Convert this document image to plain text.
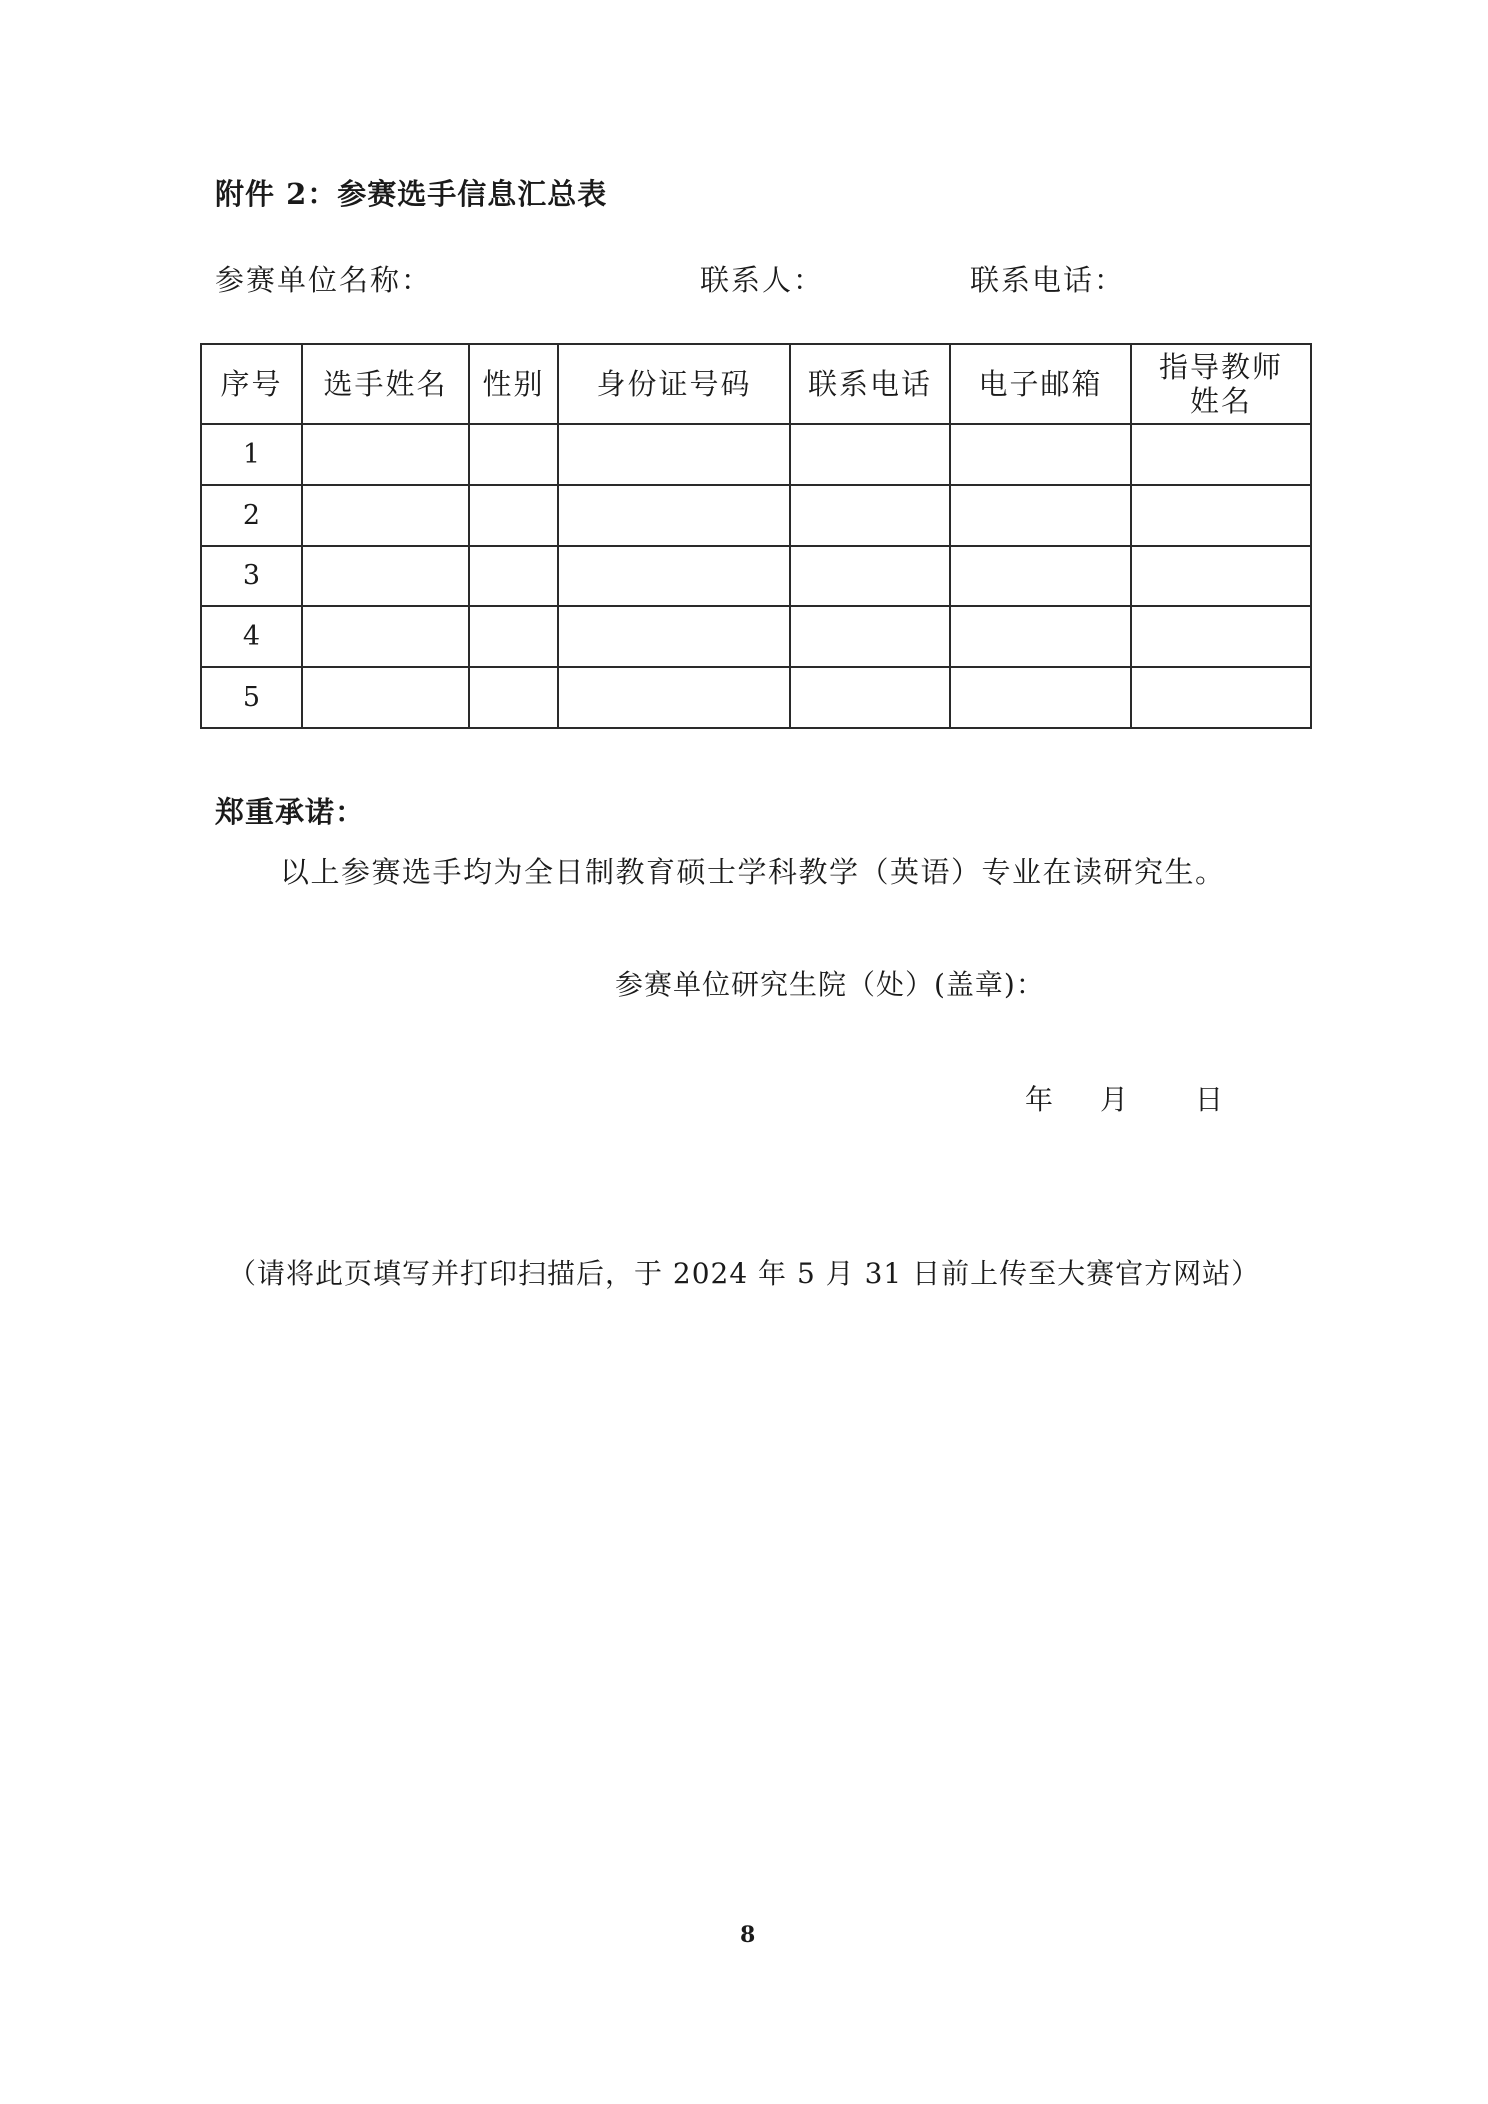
附件 2：参赛选手信息汇总表
参赛单位名称：	联系人：	联系电话：
序号	选手姓名	性别	身份证号码	联系电话	电子邮箱	指导教师
姓名
1						
2						
3						
4						
5						
郑重承诺：
以上参赛选手均为全日制教育硕士学科教学（英语）专业在读研究生。
参赛单位研究生院（处）(盖章)：
年 月 日
（请将此页填写并打印扫描后，于 2024 年 5 月 31 日前上传至大赛官方网站）
8
